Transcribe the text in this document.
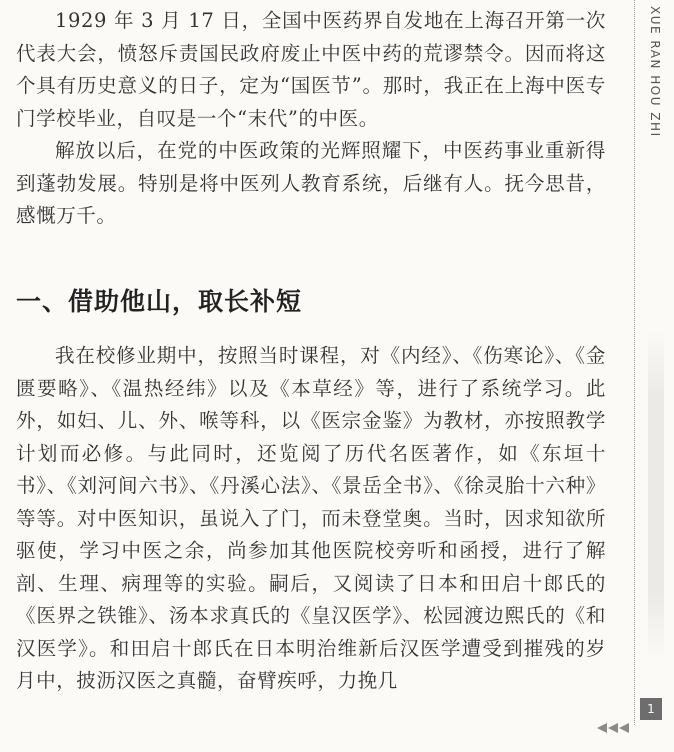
1929 年 3 月 17 日，全国中医药界自发地在上海召开第一次代表大会，愤怒斥责国民政府废止中医中药的荒谬禁令。因而将这个具有历史意义的日子，定为“国医节”。那时，我正在上海中医专门学校毕业，自叹是一个“末代”的中医。

解放以后，在党的中医政策的光辉照耀下，中医药事业重新得到蓬勃发展。特别是将中医列人教育系统，后继有人。抚今思昔，感慨万千。

一、借助他山，取长补短

我在校修业期中，按照当时课程，对《内经》、《伤寒论》、《金匮要略》、《温热经纬》以及《本草经》等，进行了系统学习。此外，如妇、儿、外、喉等科，以《医宗金鉴》为教材，亦按照教学计划而必修。与此同时，还览阅了历代名医著作，如《东垣十书》、《刘河间六书》、《丹溪心法》、《景岳全书》、《徐灵胎十六种》等等。对中医知识，虽说入了门，而未登堂奥。当时，因求知欲所驱使，学习中医之余，尚参加其他医院校旁听和函授，进行了解剖、生理、病理等的实验。嗣后，又阅读了日本和田启十郎氏的《医界之铁锥》、汤本求真氏的《皇汉医学》、松园渡边熙氏的《和汉医学》。和田启十郎氏在日本明治维新后汉医学遭受到摧残的岁月中，披沥汉医之真髓，奋臂疾呼，力挽几

XUE RAN HOU ZHI
1
